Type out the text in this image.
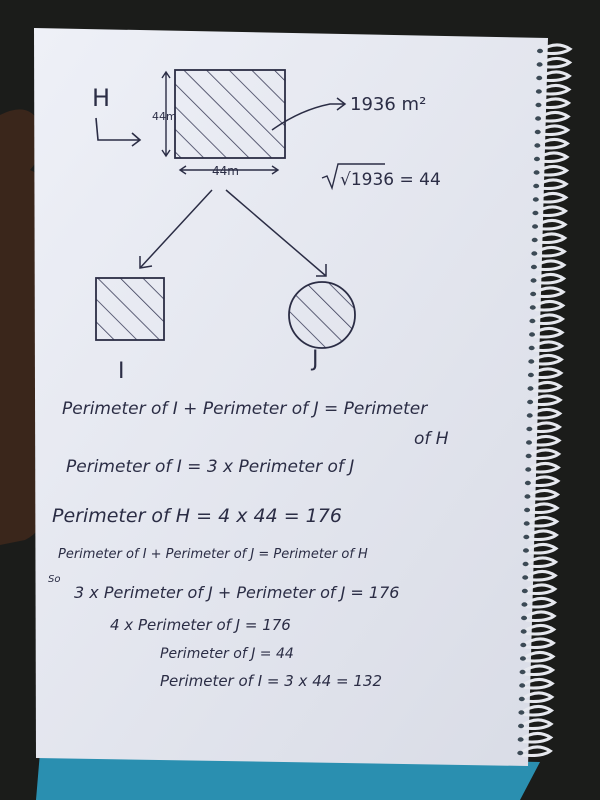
H
44m
44m
1936 m²
√1936 = 44
I	J
Perimeter of I + Perimeter of J = Perimeter
of H
Perimeter of I = 3 x Perimeter of J
Perimeter of H = 4 x 44 = 176
Perimeter of I + Perimeter of J = Perimeter of H
So
3 x Perimeter of J + Perimeter of J = 176
4 x Perimeter of J = 176
Perimeter of J = 44
Perimeter of I = 3 x 44 = 132
